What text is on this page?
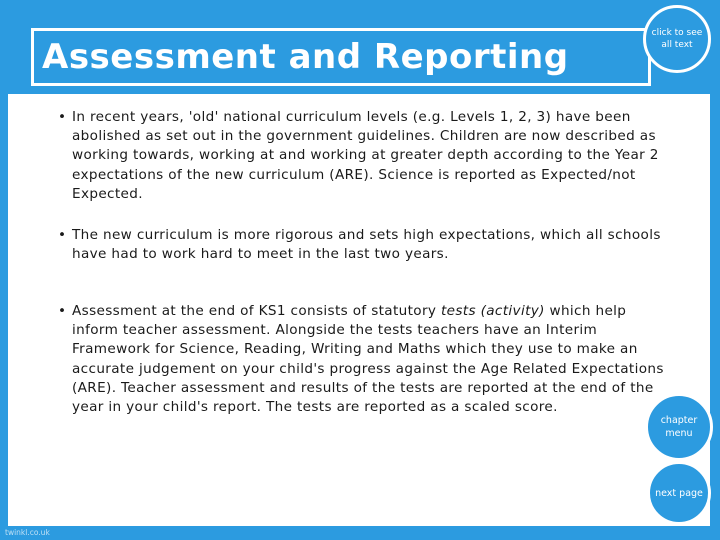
Assessment and Reporting
click to see all text
• In recent years, 'old' national curriculum levels (e.g. Levels 1, 2, 3) have been abolished as set out in the government guidelines. Children are now described as working towards, working at and working at greater depth according to the Year 2 expectations of the new curriculum (ARE). Science is reported as Expected/not Expected.
• The new curriculum is more rigorous and sets high expectations, which all schools have had to work hard to meet in the last two years.
• Assessment at the end of KS1 consists of statutory tests (activity) which help inform teacher assessment. Alongside the tests teachers have an Interim Framework for Science, Reading, Writing and Maths which they use to make an accurate judgement on your child's progress against the Age Related Expectations (ARE). Teacher assessment and results of the tests are reported at the end of the year in your child's report. The tests are reported as a scaled score.
chapter menu
next page
twinkl.co.uk
